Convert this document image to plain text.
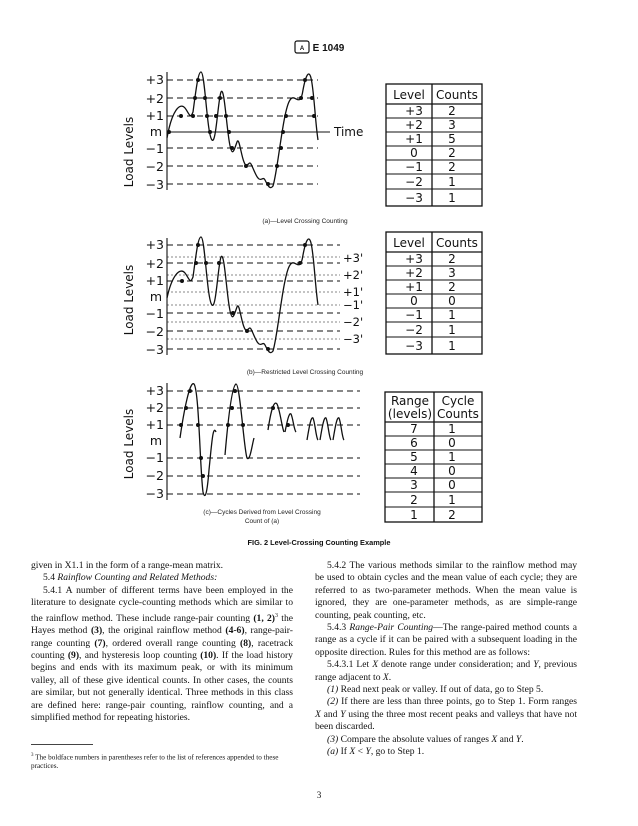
A E 1049
Load Levels
+3
+2
+1
m
−1
−2
−3
Time
Level Counts
+3 2
+2 3
+1 5
0	2
−1 2
−2 1
−3 1
(a)—Level Crossing Counting
Load Levels
+3
+2
+1
m
−1
−2
−3
+3'
+2'
+1'
−1'
−2'
−3'
Level Counts
+3 2
+2 3
+1 2
0	0
−1 1
−2 1
−3 1
(b)—Restricted Level Crossing Counting
Load Levels
+3
+2
+1
m
−1
−2
−3
Range Cycle
(levels) Counts
7	1
6	0
5	1
4	0
3	0
2	1
1	2
(c)—Cycles Derived from Level Crossing
Count of (a)
FIG. 2 Level-Crossing Counting Example

given in X1.1 in the form of a range-mean matrix.

5.4 Rainflow Counting and Related Methods:

5.4.1 A number of different terms have been employed in the literature to designate cycle-counting methods which are similar to the rainflow method. These include range-pair counting (1, 2)$^3$ the Hayes method (3), the original rainflow method (4-6), range-pair-range counting (7), ordered overall range counting (8), racetrack counting (9), and hysteresis loop counting (10). If the load history begins and ends with its maximum peak, or with its minimum valley, all of these give identical counts. In other cases, the counts are similar, but not generally identical. Three methods in this class are defined here: range-pair counting, rainflow counting, and a simplified method for repeating histories.

$^3$ The boldface numbers in parentheses refer to the list of references appended to these practices.

5.4.2 The various methods similar to the rainflow method may be used to obtain cycles and the mean value of each cycle; they are referred to as two-parameter methods. When the mean value is ignored, they are one-parameter methods, as are simple-range counting, peak counting, etc.

5.4.3 Range-Pair Counting—The range-paired method counts a range as a cycle if it can be paired with a subsequent loading in the opposite direction. Rules for this method are as follows:

5.4.3.1 Let X denote range under consideration; and Y, previous range adjacent to X.

(1) Read next peak or valley. If out of data, go to Step 5.

(2) If there are less than three points, go to Step 1. Form ranges X and Y using the three most recent peaks and valleys that have not been discarded.

(3) Compare the absolute values of ranges X and Y.

(a) If X < Y, go to Step 1.

3
